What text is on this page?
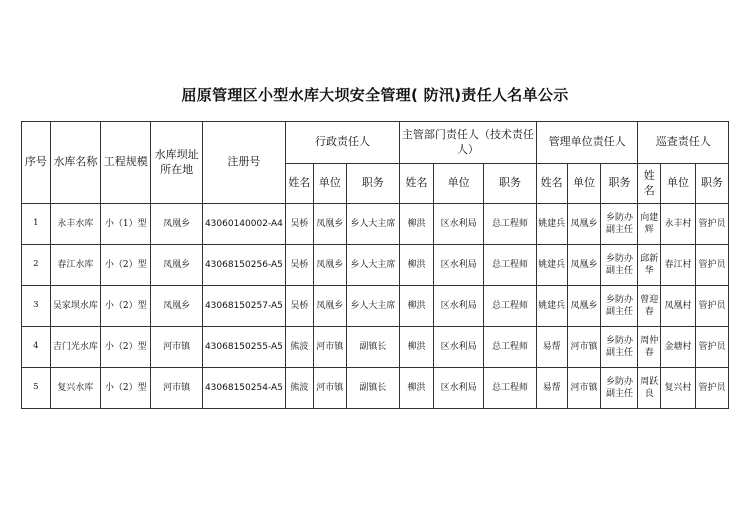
屈原管理区小型水库大坝安全管理( 防汛)责任人名单公示
序号	水库名称	工程规模	水库坝址所在地	注册号	行政责任人			主管部门责任人（技术责任人）			管理单位责任人			巡查责任人		
					姓名	单位	职务	姓名	单位	职务	姓名	单位	职务	姓名	单位	职务
1	永丰水库	小（1）型	凤凰乡	43060140002-A4	吴桥	凤凰乡	乡人大主席	柳洪	区水利局	总工程师	姚建兵	凤凰乡	乡防办副主任	向建辉	永丰村	管护员
2	春江水库	小（2）型	凤凰乡	43068150256-A5	吴桥	凤凰乡	乡人大主席	柳洪	区水利局	总工程师	姚建兵	凤凰乡	乡防办副主任	邱新华	春江村	管护员
3	吴家坝水库	小（2）型	凤凰乡	43068150257-A5	吴桥	凤凰乡	乡人大主席	柳洪	区水利局	总工程师	姚建兵	凤凰乡	乡防办副主任	曾迎春	凤凰村	管护员
4	吉门光水库	小（2）型	河市镇	43068150255-A5	熊波	河市镇	副镇长	柳洪	区水利局	总工程师	易帮	河市镇	乡防办副主任	周仲春	金塘村	管护员
5	复兴水库	小（2）型	河市镇	43068150254-A5	熊波	河市镇	副镇长	柳洪	区水利局	总工程师	易帮	河市镇	乡防办副主任	周跃良	复兴村	管护员
